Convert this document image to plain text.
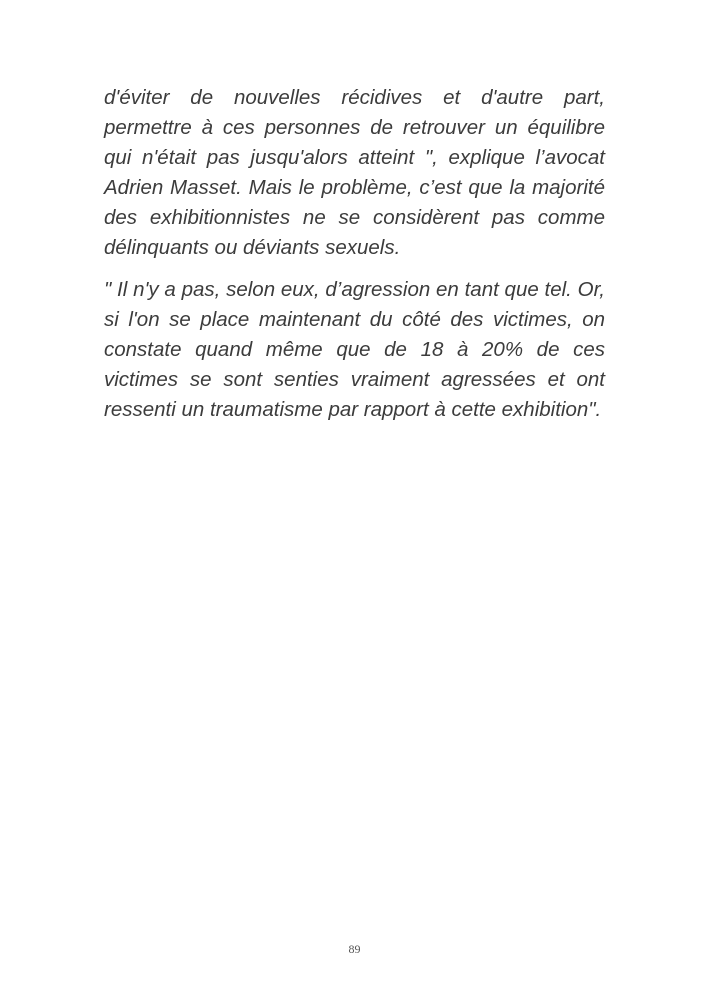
d'éviter de nouvelles récidives et d'autre part, permettre à ces personnes de retrouver un équilibre qui n'était pas jusqu'alors atteint ", explique l’avocat Adrien Masset. Mais le problème, c’est que la majorité des exhibitionnistes ne se considèrent pas comme délinquants ou déviants sexuels.

" Il n'y a pas, selon eux, d’agression en tant que tel. Or, si l'on se place maintenant du côté des victimes, on constate quand même que de 18 à 20% de ces victimes se sont senties vraiment agressées et ont ressenti un traumatisme par rapport à cette exhibition".

89
